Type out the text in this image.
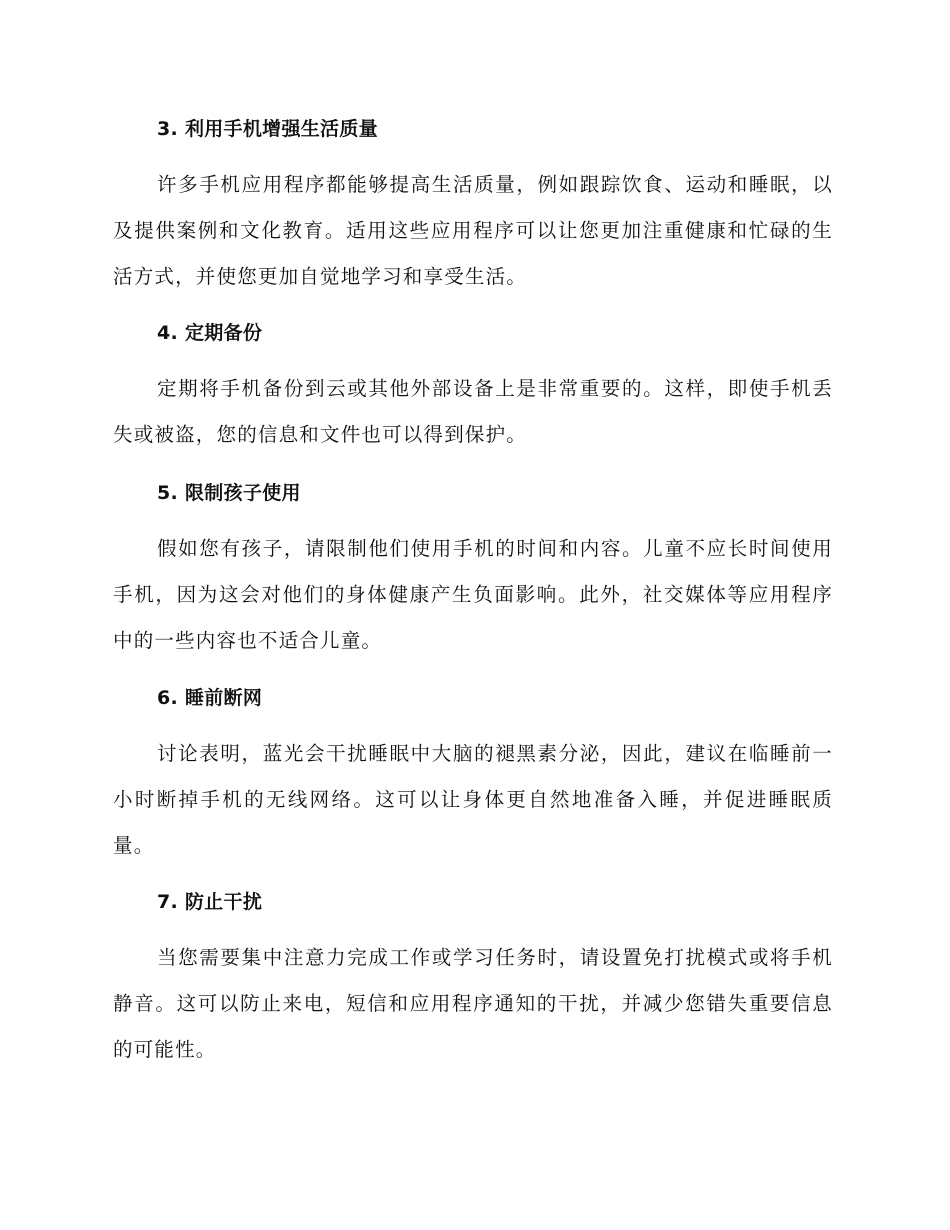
3. 利用手机增强生活质量
许多手机应用程序都能够提高生活质量，例如跟踪饮食、运动和睡眠，以及提供案例和文化教育。适用这些应用程序可以让您更加注重健康和忙碌的生活方式，并使您更加自觉地学习和享受生活。
4. 定期备份
定期将手机备份到云或其他外部设备上是非常重要的。这样，即使手机丢失或被盗，您的信息和文件也可以得到保护。
5. 限制孩子使用
假如您有孩子，请限制他们使用手机的时间和内容。儿童不应长时间使用手机，因为这会对他们的身体健康产生负面影响。此外，社交媒体等应用程序中的一些内容也不适合儿童。
6. 睡前断网
讨论表明，蓝光会干扰睡眠中大脑的褪黑素分泌，因此，建议在临睡前一小时断掉手机的无线网络。这可以让身体更自然地准备入睡，并促进睡眠质量。
7. 防止干扰
当您需要集中注意力完成工作或学习任务时，请设置免打扰模式或将手机静音。这可以防止来电，短信和应用程序通知的干扰，并减少您错失重要信息的可能性。
